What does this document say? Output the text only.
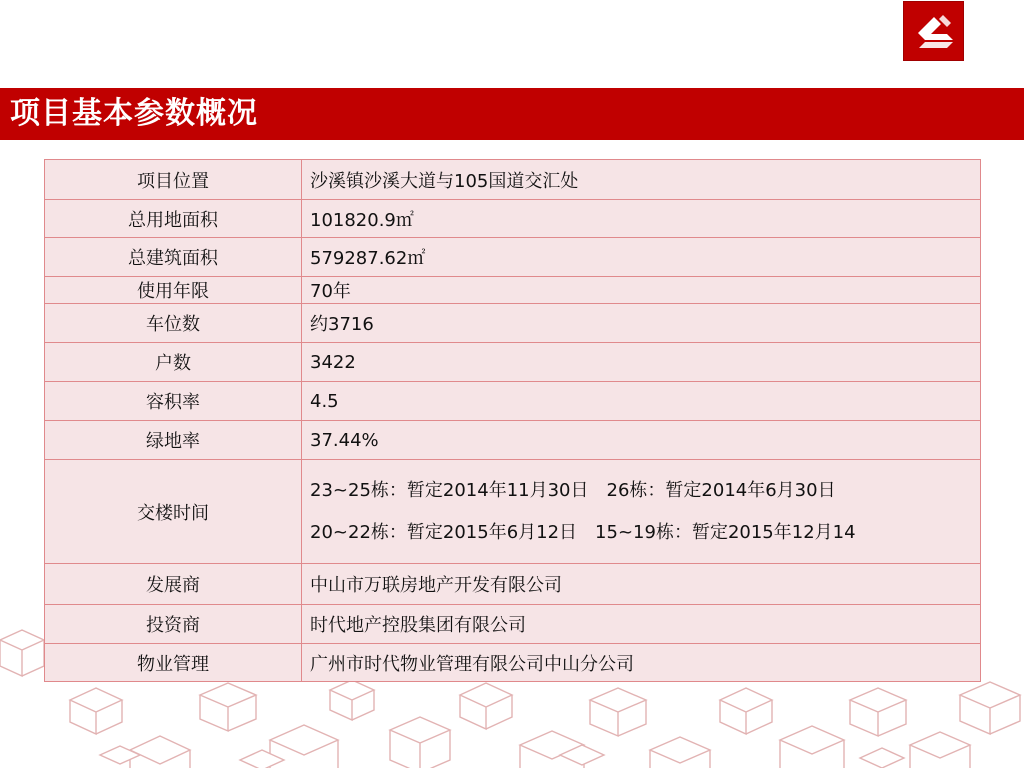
项目基本参数概况
项目位置	沙溪镇沙溪大道与105国道交汇处
总用地面积	101820.9㎡
总建筑面积	579287.62㎡
使用年限	70年
车位数	约3716
户数	3422
容积率	4.5
绿地率	37.44%
交楼时间	23~25栋：暂定2014年11月30日　26栋：暂定2014年6月30日
20~22栋：暂定2015年6月12日　15~19栋：暂定2015年12月14

发展商	中山市万联房地产开发有限公司
投资商	时代地产控股集团有限公司
物业管理	广州市时代物业管理有限公司中山分公司
